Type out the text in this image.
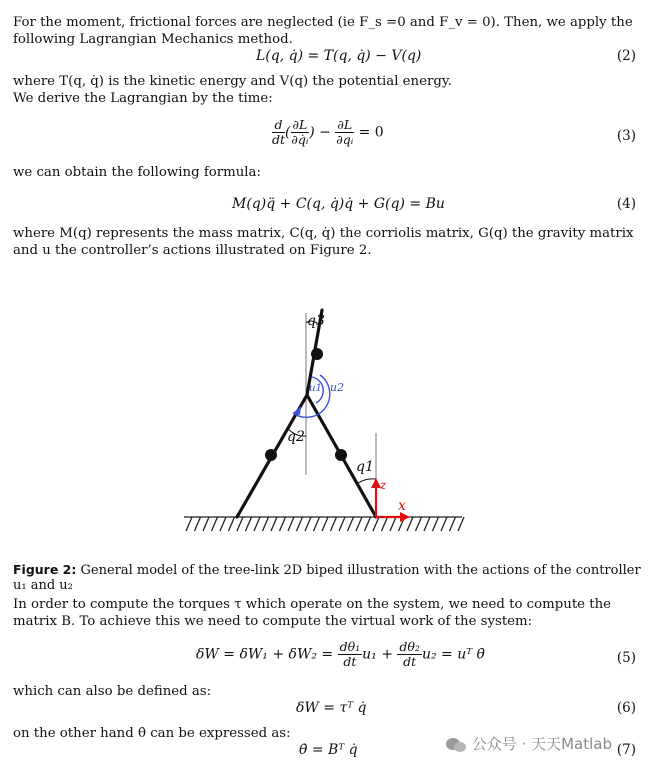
For the moment, frictional forces are neglected (ie F_s =0 and F_v = 0). Then, we apply the following Lagrangian Mechanics method.
L(q, q̇) = T(q, q̇) − V(q)	(2)
where T(q, q̇) is the kinetic energy and V(q) the potential energy.
We derive the Lagrangian by the time:
$\frac{d}{dt}$ ( $\frac{\partial L}{\text{∂q̇ᵢ}}$ ) − $\frac{\partial L}{\text{∂qᵢ}} = 0$	(3)
we can obtain the following formula:
M(q)q̈ + C(q, q̇)q̇ + G(q) = Bu	(4)
where M(q) represents the mass matrix, C(q, q̇) the corriolis matrix, G(q) the gravity matrix and u the controller’s actions illustrated on Figure 2.
q3
q2
q1
u1 u2
z
x
Figure 2: General model of the tree-link 2D biped illustration with the actions of the controller u₁ and u₂
In order to compute the torques τ which operate on the system, we need to compute the matrix B. To achieve this we need to compute the virtual work of the system:
$\delta W = \delta W_1 + \delta W_2 = \frac{\text{dθ₁}}{dt} u_1 + \frac{\text{dθ₂}}{dt} u_2$ = uᵀ θ̇	(5)
which can also be defined as:
δW = τᵀ q̇	(6)
on the other hand θ̇ can be expressed as:
θ̇ = Bᵀ q̇	(7)
公众号 · 天天Matlab
